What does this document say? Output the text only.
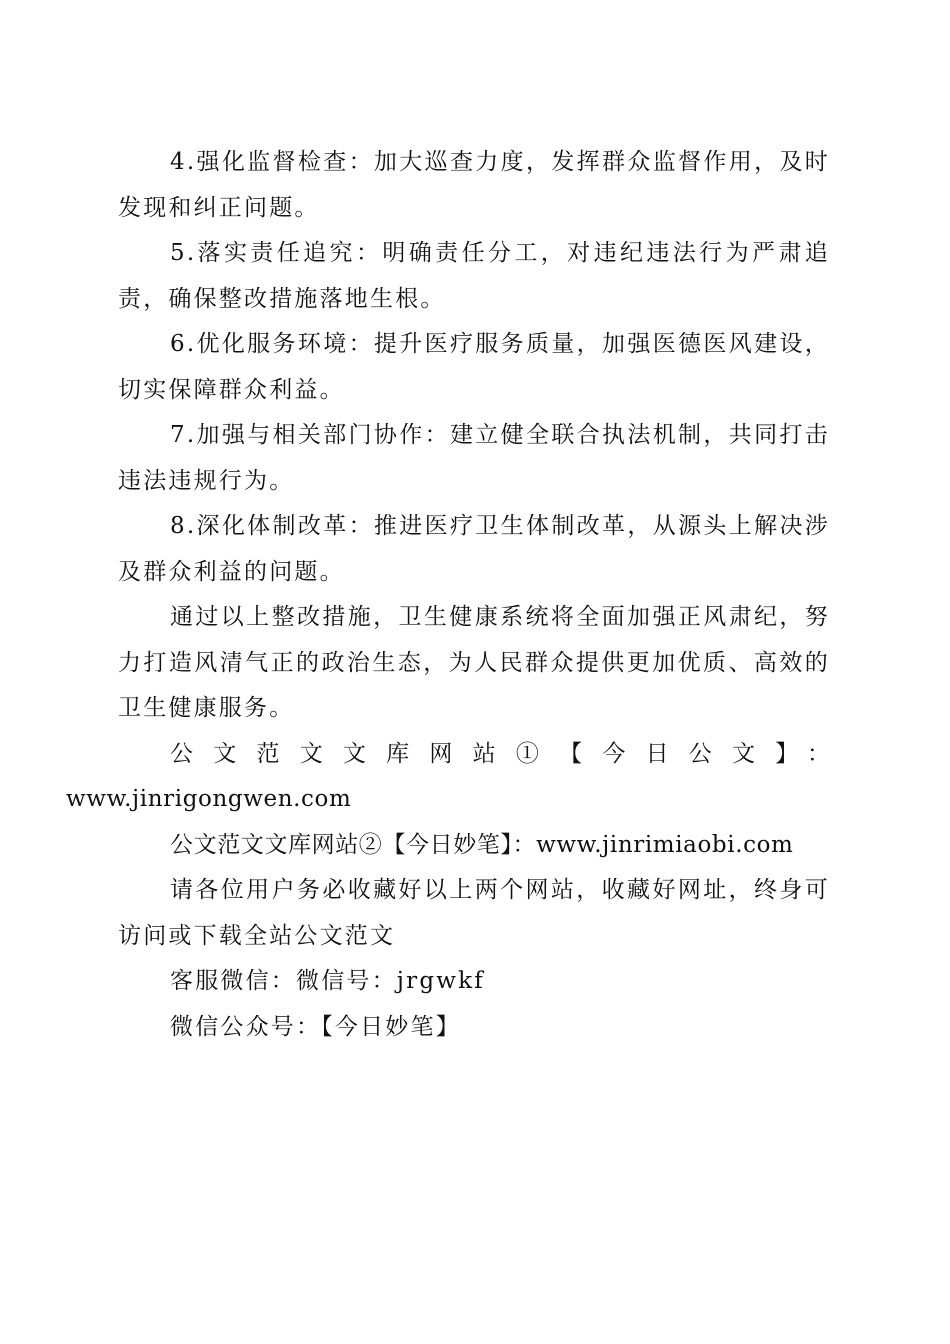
4.强化监督检查：加大巡查力度，发挥群众监督作用，及时发现和纠正问题。

5.落实责任追究：明确责任分工，对违纪违法行为严肃追责，确保整改措施落地生根。

6.优化服务环境：提升医疗服务质量，加强医德医风建设，切实保障群众利益。

7.加强与相关部门协作：建立健全联合执法机制，共同打击违法违规行为。

8.深化体制改革：推进医疗卫生体制改革，从源头上解决涉及群众利益的问题。

通过以上整改措施，卫生健康系统将全面加强正风肃纪，努力打造风清气正的政治生态，为人民群众提供更加优质、高效的卫生健康服务。

公文范文文库网站①【今日公文】：
www.jinrigongwen.com

公文范文文库网站②【今日妙笔】：www.jinrimiaobi.com

请各位用户务必收藏好以上两个网站，收藏好网址，终身可访问或下载全站公文范文

客服微信：微信号：jrgwkf

微信公众号：【今日妙笔】
